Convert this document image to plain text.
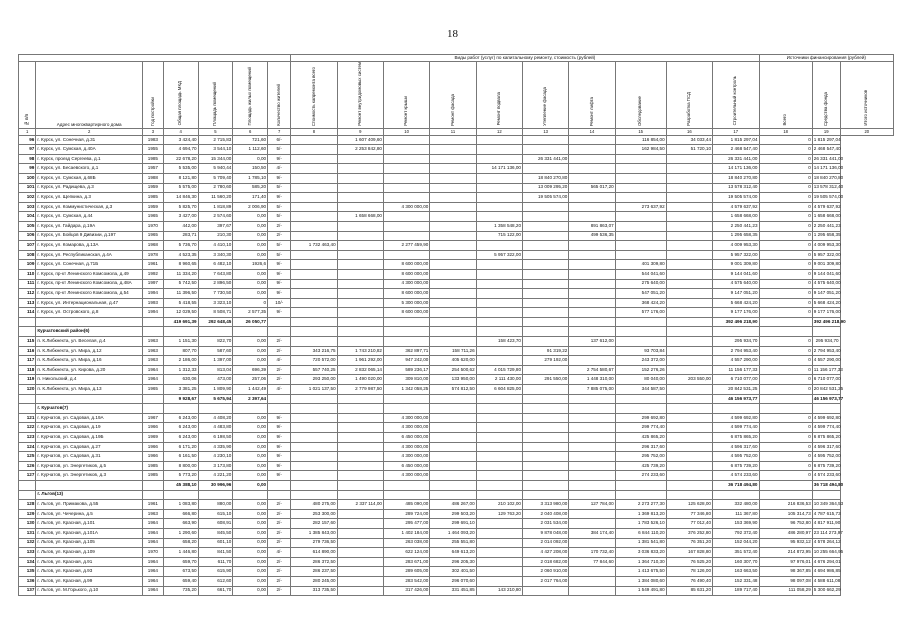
18
							Виды работ (услуг) по капитальному ремонту, стоимость (рублей)										Источники финансирования (рублей)		
№ п/п	Адрес многоквартирного дома	Год постройки	Общая площадь МКД	Площадь помещений	Площадь жилых помещений	Количество жителей	Стоимость капремонта всего	Ремонт внутридомовых систем	Ремонт крыши	Ремонт фасада	Ремонт подвала	Утепление фасада	Ремонт лифта	Обследование	Разработка ПСД	Строительный контроль	Всего	Средства фонда	Итого источников
1	2	3	4	5	6	7	8	9	10	11	12	13	14	15	16	17	18	19	20
96	г. Курск, ул. Сонечная, д.31	1983	3 424,40	2 715,83	721,60	6/-		1 607 409,60						116 854,00	34 033,44	1 815 297,04	0	1 815 297,04	
97	г. Курск, ул. Сумская, д.40А	1955	4 694,70	3 544,10	1 112,60	5/-		2 253 842,80						162 984,50	51 720,10	2 468 547,40	0	2 468 547,40	
98	г. Курск, проезд Сергеева, д.1	1985	22 678,20	15 344,00	0,00	9/-						26 331 441,00				26 331 441,00	0	26 331 441,00	
99	г. Курск, ул. Бесаевского, д.1	1957	5 535,00	5 940,44	150,50	4/-					14 171 136,00					14 171 136,00	0	14 171 136,00	
100	г. Курск, ул. Сумская, д.68Б	1988	8 121,80	5 709,40	1 785,10	9/-						18 840 270,80				18 840 270,80	0	18 840 270,80	
101	г. Курск, ул. Радищева, д.3	1959	5 575,00	2 780,60	585,20	5/-						13 009 295,20	565 017,20			13 578 312,40	0	13 578 312,40	
102	г. Курск, ул. Щепкина, д.3	1985	14 846,30	11 560,20	171,40	9/-						19 505 574,00				19 505 574,00	0	19 505 574,00	
103	г. Курск, ул. Коммунистическая, д.3	1959	5 825,70	1 818,89	2 006,90	5/-			4 300 000,00					273 637,92		4 579 637,92	0	4 579 637,92	
104	г. Курск, ул. Сумская, д.44	1965	3 427,00	2 574,60	0,00	5/-		1 658 668,00								1 658 668,00	0	1 658 668,00	
105	г. Курск, ул. Гайдара, д.19А	1970	442,00	397,67	0,00	2/-					1 358 548,20		891 863,07			2 250 441,23	0	2 250 441,23	
106	г. Курск, ул. Бойцов 9 Дивизии, д.197	1965	283,71	210,30	0,00	2/-					715 122,00		499 536,35			1 295 658,35	0	1 295 658,35	
107	г. Курск, ул. Комарова, д.13А	1968	5 736,70	4 410,10	0,00	5/-	1 732 463,40		2 277 459,90							4 009 953,30	0	4 009 953,30	
108	г. Курск, ул. Республиканская, д.4А	1978	4 523,35	3 340,30	0,00	5/-					5 957 322,00					5 957 322,00	0	5 957 322,00	
109	г. Курск, ул. Сонечная, д.71Б	1961	8 960,65	6 482,10	1926,6	9/-			8 600 000,00					401 309,80		9 001 309,80	0	9 001 309,80	
110	г. Курск, пр-кт Ленинского Комсомола, д.49	1992	11 334,20	7 643,80	0,00	9/-			8 600 000,00					544 041,60		9 144 041,60	0	9 144 041,60	
111	г. Курск, пр-кт Ленинского Комсомола, д.48А	1997	5 742,50	2 896,50	0,00	9/-			4 300 000,00					275 640,00		4 575 640,00	0	4 575 640,00	
112	г. Курск, пр-кт Ленинского Комсомола, д.54	1994	11 396,50	7 730,50	0,00	9/-			8 600 000,00					547 051,20		9 147 051,20	0	9 147 051,20	
113	г. Курск, ул. Интернациональная, д.47	1993	5 418,55	3 323,10	0	10/-			5 300 000,00					368 424,20		5 668 424,20	0	5 668 424,20	
114	г. Курск, ул. Островского, д.8	1994	12 029,50	8 508,71	2 577,35	9/-			8 600 000,00					577 176,00		9 177 176,00	0	9 177 176,00	
			419 691,39	292 648,45	26 050,77											392 496 218,90		392 496 218,90	
	Курчатовский район(6)																		
115	п. К.Либкнехта, ул. Веселая, д.4	1963	1 151,30	822,70	0,00	2/-					158 423,70		137 612,00			295 934,70	0	295 934,70	
116	п. К.Либкнехта, ул. Мира, д.12	1963	807,70	587,60	0,00	2/-	343 216,75	1 743 210,82	362 897,71	158 711,26		91 319,22		93 703,84		2 794 953,40	0	2 794 953,40	
117	п. К.Либкнехта, ул. Мира, д.16	1963	2 186,00	1 397,00	0,00	4/-	720 572,00	1 961 292,00	947 242,00	405 620,00		279 192,00		243 372,00		4 557 290,00	0	4 557 290,00	
118	п. К.Либкнехта, ул. Кирова, д.20	1964	1 312,33	813,04	696,39	2/-	557 740,25	2 832 065,14	589 236,17	254 500,62	4 015 729,80		2 754 580,67	152 276,26		11 156 177,33	0	11 156 177,33	
119	п. Никольский, д.4	1964	630,06	473,00	257,06	2/-	293 250,00	1 490 020,00	309 810,00	133 950,00	2 111 430,00	291 550,00	1 448 310,00	80 040,00	203 550,00	6 710 077,00	0	6 710 077,00	
120	п. К.Либкнехта, ул. Мира, д.13	1965	3 381,25	1 809,90	1 442,49	4/-	1 021 137,50	2 779 987,50	1 342 058,25	574 812,50	6 604 825,00		7 885 075,00	344 587,50		20 842 531,25	0	20 842 531,25	
			9 928,67	5 675,94	2 397,64											46 156 973,77		46 156 973,77	
	г. Курчатов(7)																		
121	г. Курчатов, ул. Садовая, д.19А	1967	6 243,00	4 408,20	0,00	9/-			4 300 000,00					299 692,80		4 599 692,80	0	4 599 692,80	
122	г. Курчатов, ул. Садовая, д.19	1966	6 243,00	4 483,80	0,00	9/-			4 300 000,00					299 774,40		4 599 774,40	0	4 599 774,40	
123	г. Курчатов, ул. Садовая, д.19Б	1969	6 243,00	6 198,50	0,00	9/-			6 450 000,00					425 865,20		6 875 865,20	0	6 875 865,20	
124	г. Курчатов, ул. Садовая, д.27	1966	6 171,20	4 335,90	0,00	9/-			4 300 000,00					296 317,60		4 596 317,60	0	4 596 317,60	
125	г. Курчатов, ул. Садовая, д.31	1966	6 161,50	4 230,10	0,00	9/-			4 300 000,00					295 752,00		4 595 752,00	0	4 595 752,00	
126	г. Курчатов, ул. Энергетиков, д.5	1985	8 800,00	3 173,80	0,00	9/-			6 450 000,00					425 739,20		6 875 739,20	0	6 875 739,20	
127	г. Курчатов, ул. Энергетиков, д.3	1985	5 773,20	4 221,20	0,00	9/-			4 300 000,00					274 233,60		4 574 233,60	0	4 574 233,60	
			45 388,10	30 996,96	0,00											36 718 494,80		36 718 494,80	
	г. Льгов(13)																		
128	г. Льгов, ул. Примакова, д.55	1961	1 083,80	880,00	0,00	2/-	480 275,00	2 337 114,00	485 090,00	486 267,00	210 102,00	3 313 980,00	127 784,00	2 273 277,30	125 628,00	332 480,00	216 836,53	10 349 364,53	
129	г. Льгов, ул. Чичерина, д.5	1963	666,80	615,10	0,00	2/-	253 300,00		289 724,00	299 503,20	129 763,20	2 040 408,00		1 369 813,20	77 346,80	111 367,80	105 314,73	4 787 615,73	
130	г. Льгов, ул. Красная, д.101	1964	663,90	608,91	0,00	2/-	282 157,60		295 477,00	299 691,10		2 031 534,00		1 783 526,10	77 012,40	153 369,90	96 752,80	4 817 911,90	
131	г. Льгов, ул. Красная, д.101А	1964	1 290,60	845,50	0,00	2/-	1 385 843,00		1 402 184,00	1 464 093,20		9 878 048,00	384 174,40	6 844 110,20	376 252,80	792 372,40	486 280,97	23 114 273,97	
132	г. Льгов, ул. Красная, д.105	1964	658,20	601,10	0,00	2/-	279 736,50		263 038,00	255 551,80		2 014 092,00		1 381 541,80	76 351,20	152 044,20	95 932,12	4 578 264,12	
133	г. Льгов, ул. Красная, д.109	1970	1 446,80	841,50	0,00	4/-	614 890,00		622 124,00	649 613,20		4 427 208,00	170 732,40	3 036 833,20	167 828,80	351 572,40	214 872,95	10 255 664,95	
134	г. Льгов, ул. Красная, д.91	1964	659,70	611,70	0,00	2/-	286 372,50		283 671,00	296 205,30		2 018 682,00	77 844,60	1 364 710,30	76 525,20	160 307,70	97 976,01	4 676 294,01	
135	г. Льгов, ул. Красная, д.93	1964	673,50	615,90	0,00	2/-	286 237,50		289 605,00	302 401,50		2 060 910,00		1 413 675,50	78 126,00	163 663,50	98 367,85	4 694 986,85	
136	г. Льгов, ул. Красная, д.99	1964	659,40	612,60	0,00	2/-	280 245,00		283 542,00	296 070,60		2 017 764,00		1 384 080,60	76 490,40	152 331,48	98 097,08	4 588 611,08	
137	г. Льгов, ул. М.Горького, д.10	1964	735,20	661,70	0,00	2/-	313 735,50		317 426,00	331 451,85	143 210,80			1 549 491,80	85 631,20	189 717,40	111 058,29	5 300 662,29	
